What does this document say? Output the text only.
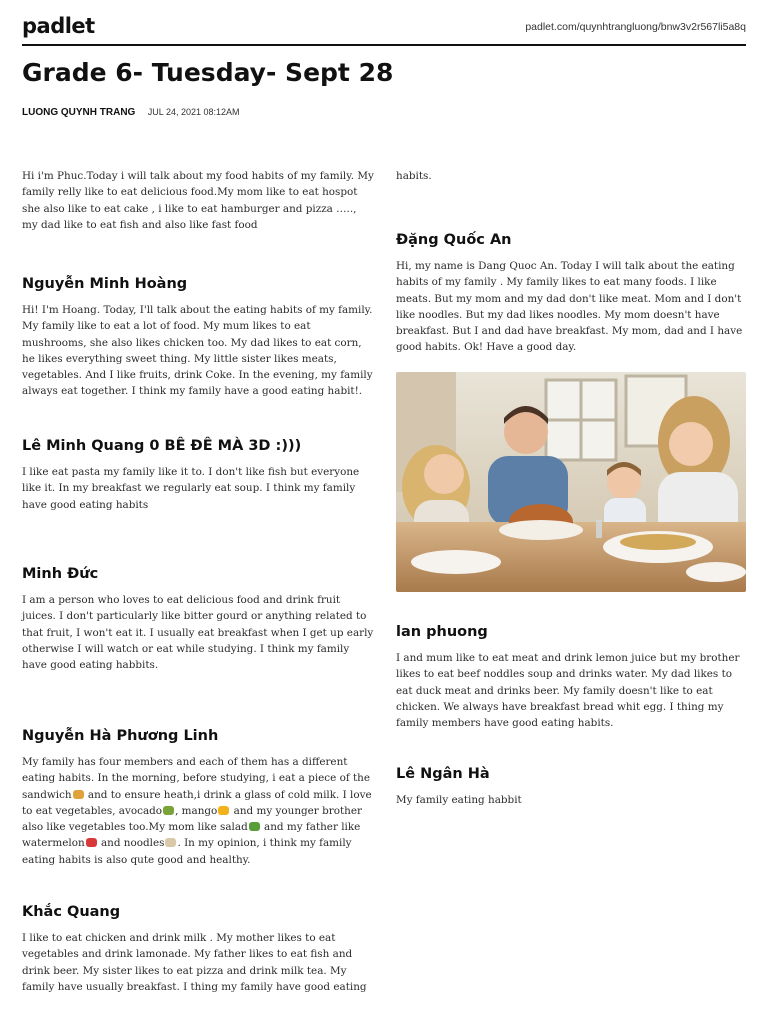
padlet	padlet.com/quynhtrangluong/bnw3v2r567li5a8q
Grade 6- Tuesday- Sept 28
LUONG QUYNH TRANG JUL 24, 2021 08:12AM

Hi i'm Phuc.Today i will talk about my food habits of my family. My family relly like to eat delicious food.My mom like to eat hospot she also like to eat cake , i like to eat hamburger and pizza ….., my dad like to eat fish and also like fast food

Nguyễn Minh Hoàng

Hi! I'm Hoang. Today, I'll talk about the eating habits of my family. My family like to eat a lot of food. My mum likes to eat mushrooms, she also likes chicken too. My dad likes to eat corn, he likes everything sweet thing. My little sister likes meats, vegetables. And I like fruits, drink Coke. In the evening, my family always eat together. I think my family have a good eating habit!.

Lê Minh Quang 0 BÊ ĐÊ MÀ 3D :)))

I like eat pasta my family like it to. I don't like fish but everyone like it. In my breakfast we regularly eat soup. I think my family have good eating habits

Minh Đức

I am a person who loves to eat delicious food and drink fruit juices. I don't particularly like bitter gourd or anything related to that fruit, I won't eat it. I usually eat breakfast when I get up early otherwise I will watch or eat while studying. I think my family have good eating habbits.

Nguyễn Hà Phương Linh

My family has four members and each of them has a different eating habits. In the morning, before studying, i eat a piece of the sandwich and to ensure heath,i drink a glass of cold milk. I love to eat vegetables, avocado , mango and my younger brother also like vegetables too.My mom like salad and my father like watermelon and noodles . In my opinion, i think my family eating habits is also qute good and healthy.

Khắc Quang

I like to eat chicken and drink milk . My mother likes to eat vegetables and drink lamonade. My father likes to eat fish and drink beer. My sister likes to eat pizza and drink milk tea. My family have usually breakfast. I thing my family have good eating

habits.

Đặng Quốc An

Hi, my name is Dang Quoc An. Today I will talk about the eating habits of my family . My family likes to eat many foods. I like meats. But my mom and my dad don't like meat. Mom and I don't like noodles. But my dad likes noodles. My mom doesn't have breakfast. But I and dad have breakfast. My mom, dad and I have good habits. Ok! Have a good day.

lan phuong

I and mum like to eat meat and drink lemon juice but my brother likes to eat beef noddles soup and drinks water. My dad likes to eat duck meat and drinks beer. My family doesn't like to eat chicken. We always have breakfast bread whit egg. I thing my family members have good eating habits.

Lê Ngân Hà

My family eating habbit
